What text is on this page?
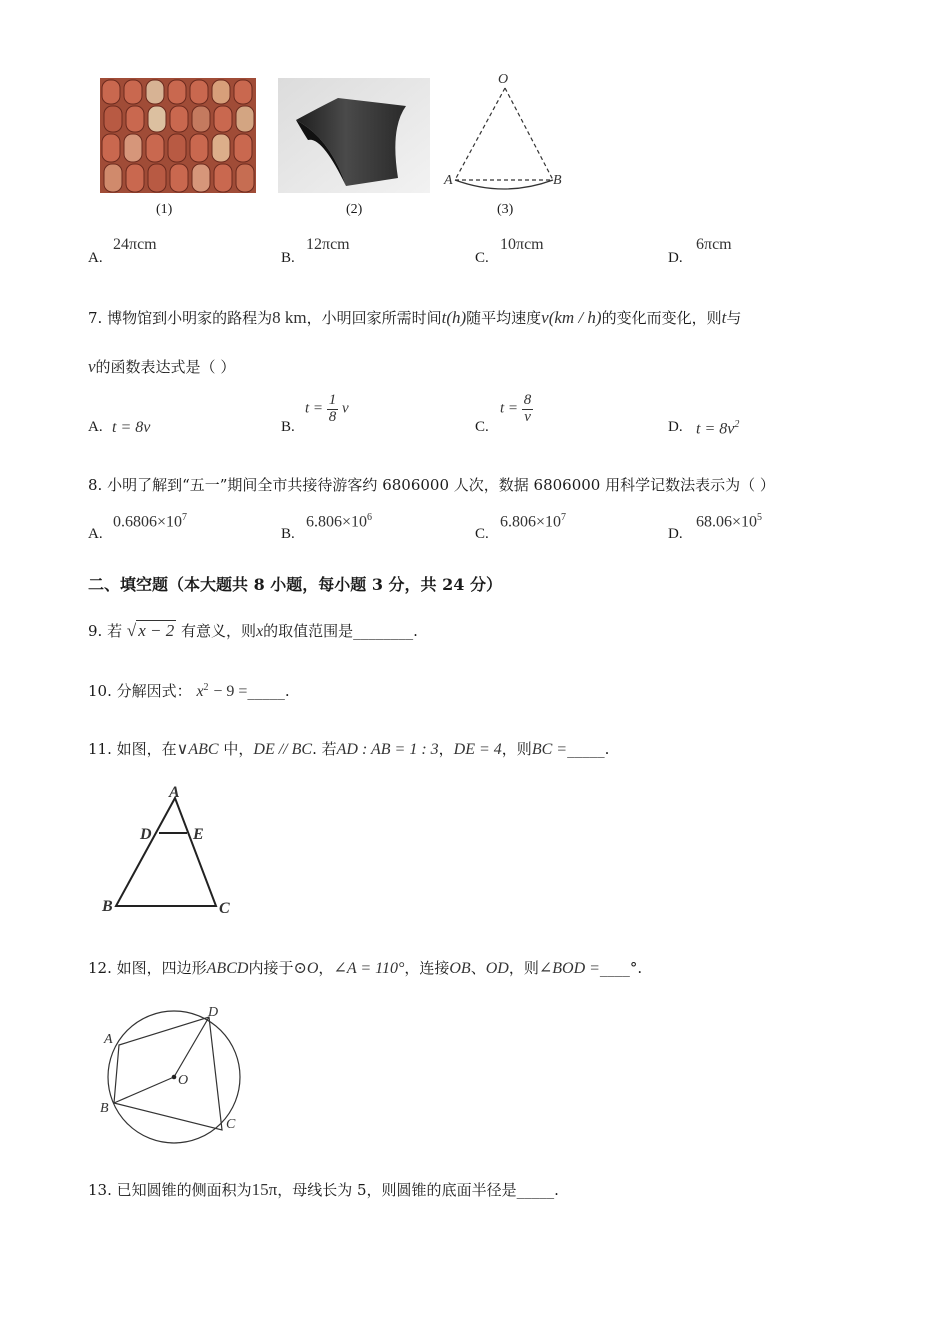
O
A	B
(1)	(2)	(3)
A.
24πcm
B.
12πcm
C.
10πcm
D.
6πcm
7. 博物馆到小明家的路程为8 km，小明回家所需时间t(h)随平均速度v(km / h)的变化而变化，则t与
v的函数表达式是（ ）
A. t = 8v	B.
$t = \frac{1}{8}$ v
C.
$t = \frac{8}{v}$
D. $t = 8v^2$
8. 小明了解到“五一”期间全市共接待游客约 6806000 人次，数据 6806000 用科学记数法表示为（ ）
A.
$0.6806\times 10^7$
B.
$6.806\times 10^6$
C.
$6.806\times 10^7$
D.
$68.06\times 10^5$
二、填空题（本大题共 8 小题，每小题 3 分，共 24 分）
9. 若 √ x − 2 有意义，则x的取值范围是________.
10. 分解因式： $x^2 - 9$ =_____.
11. 如图，在∨ABC 中，DE // BC. 若AD : AB = 1 : 3，DE = 4，则BC =_____.
A
D	E
B	C
12. 如图，四边形ABCD内接于⊙O，∠A = 110°，连接OB、OD，则∠BOD =____°.
A
D
O
B
C
13. 已知圆锥的侧面积为15π，母线长为 5，则圆锥的底面半径是_____.
